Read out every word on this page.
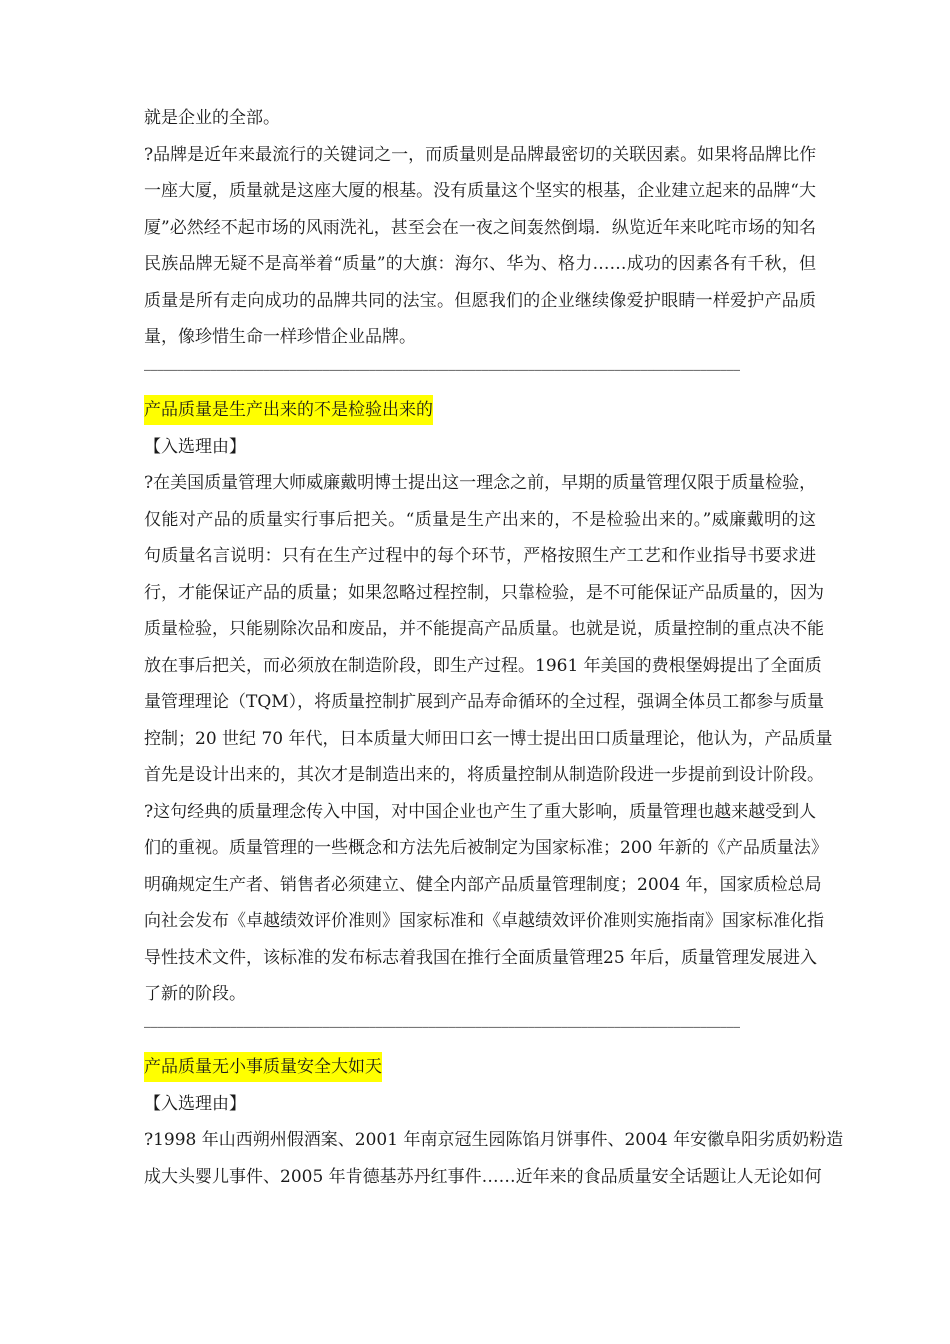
就是企业的全部。
?品牌是近年来最流行的关键词之一，而质量则是品牌最密切的关联因素。如果将品牌比作
一座大厦，质量就是这座大厦的根基。没有质量这个坚实的根基，企业建立起来的品牌“大
厦”必然经不起市场的风雨洗礼，甚至会在一夜之间轰然倒塌．纵览近年来叱咤市场的知名
民族品牌无疑不是高举着“质量”的大旗：海尔、华为、格力……成功的因素各有千秋，但
质量是所有走向成功的品牌共同的法宝。但愿我们的企业继续像爱护眼睛一样爱护产品质
量，像珍惜生命一样珍惜企业品牌。
——————————————————————————————————————————————————————————————————————————————————————————
产品质量是生产出来的不是检验出来的
【入选理由】
?在美国质量管理大师威廉戴明博士提出这一理念之前，早期的质量管理仅限于质量检验，
仅能对产品的质量实行事后把关。“质量是生产出来的，不是检验出来的。”威廉戴明的这
句质量名言说明：只有在生产过程中的每个环节，严格按照生产工艺和作业指导书要求进
行，才能保证产品的质量；如果忽略过程控制，只靠检验，是不可能保证产品质量的，因为
质量检验，只能剔除次品和废品，并不能提高产品质量。也就是说，质量控制的重点决不能
放在事后把关，而必须放在制造阶段，即生产过程。1961 年美国的费根堡姆提出了全面质
量管理理论（TQM），将质量控制扩展到产品寿命循环的全过程，强调全体员工都参与质量
控制；20 世纪 70 年代，日本质量大师田口玄一博士提出田口质量理论，他认为，产品质量
首先是设计出来的，其次才是制造出来的，将质量控制从制造阶段进一步提前到设计阶段。
?这句经典的质量理念传入中国，对中国企业也产生了重大影响，质量管理也越来越受到人
们的重视。质量管理的一些概念和方法先后被制定为国家标准；200 年新的《产品质量法》
明确规定生产者、销售者必须建立、健全内部产品质量管理制度；2004 年，国家质检总局
向社会发布《卓越绩效评价准则》国家标准和《卓越绩效评价准则实施指南》国家标准化指
导性技术文件，该标准的发布标志着我国在推行全面质量管理25 年后，质量管理发展进入
了新的阶段。
——————————————————————————————————————————————————————————————————————————————————————————
产品质量无小事质量安全大如天
【入选理由】
?1998 年山西朔州假酒案、2001 年南京冠生园陈馅月饼事件、2004 年安徽阜阳劣质奶粉造
成大头婴儿事件、2005 年肯德基苏丹红事件……近年来的食品质量安全话题让人无论如何
